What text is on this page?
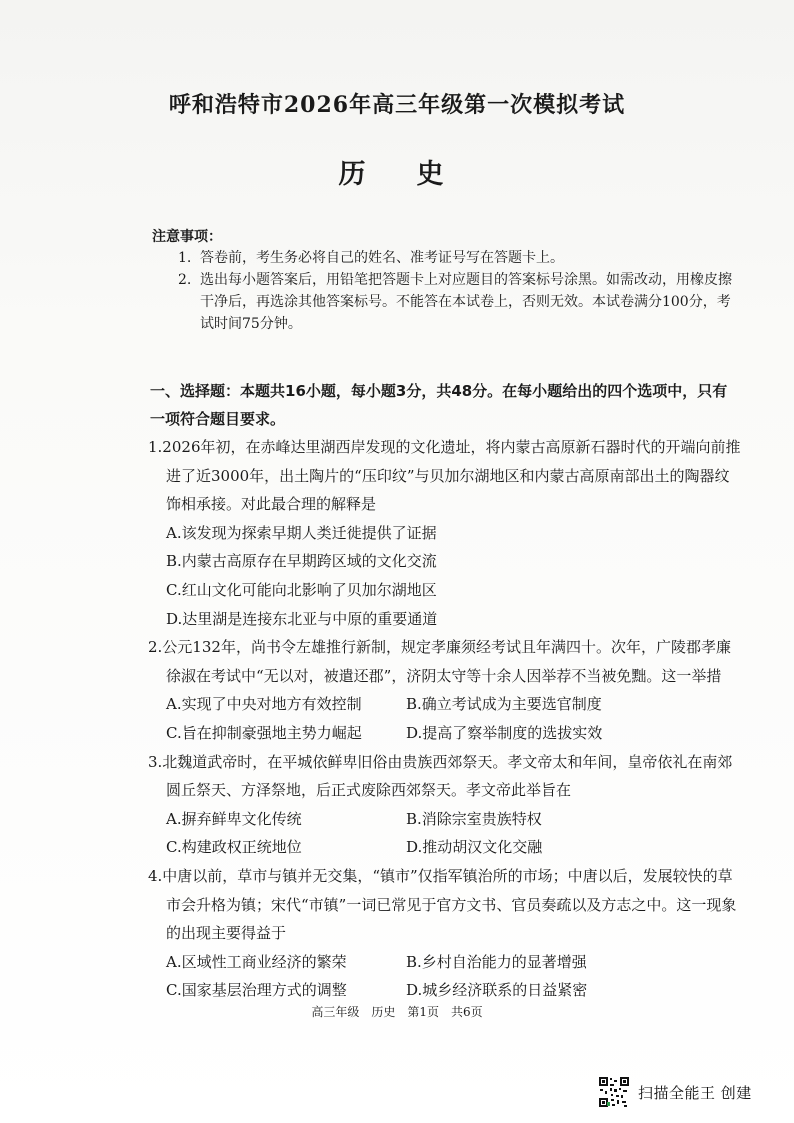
呼和浩特市2026年高三年级第一次模拟考试
历　史
注意事项：
1. 答卷前，考生务必将自己的姓名、准考证号写在答题卡上。
2. 选出每小题答案后，用铅笔把答题卡上对应题目的答案标号涂黑。如需改动，用橡皮擦干净后，再选涂其他答案标号。不能答在本试卷上，否则无效。本试卷满分100分，考试时间75分钟。
一、选择题：本题共16小题，每小题3分，共48分。在每小题给出的四个选项中，只有一项符合题目要求。
1.2026年初，在赤峰达里湖西岸发现的文化遗址，将内蒙古高原新石器时代的开端向前推进了近3000年，出土陶片的“压印纹”与贝加尔湖地区和内蒙古高原南部出土的陶器纹饰相承接。对此最合理的解释是
A.该发现为探索早期人类迁徙提供了证据
B.内蒙古高原存在早期跨区域的文化交流
C.红山文化可能向北影响了贝加尔湖地区
D.达里湖是连接东北亚与中原的重要通道
2.公元132年，尚书令左雄推行新制，规定孝廉须经考试且年满四十。次年，广陵郡孝廉徐淑在考试中“无以对，被遣还郡”，济阴太守等十余人因举荐不当被免黜。这一举措
A.实现了中央对地方有效控制	B.确立考试成为主要选官制度
C.旨在抑制豪强地主势力崛起	D.提高了察举制度的选拔实效
3.北魏道武帝时，在平城依鲜卑旧俗由贵族西郊祭天。孝文帝太和年间，皇帝依礼在南郊圆丘祭天、方泽祭地，后正式废除西郊祭天。孝文帝此举旨在
A.摒弃鲜卑文化传统	B.消除宗室贵族特权
C.构建政权正统地位	D.推动胡汉文化交融
4.中唐以前，草市与镇并无交集，“镇市”仅指军镇治所的市场；中唐以后，发展较快的草市会升格为镇；宋代“市镇”一词已常见于官方文书、官员奏疏以及方志之中。这一现象的出现主要得益于
A.区域性工商业经济的繁荣	B.乡村自治能力的显著增强
C.国家基层治理方式的调整	D.城乡经济联系的日益紧密
高三年级　历史　第1页　共6页
扫描全能王 创建
